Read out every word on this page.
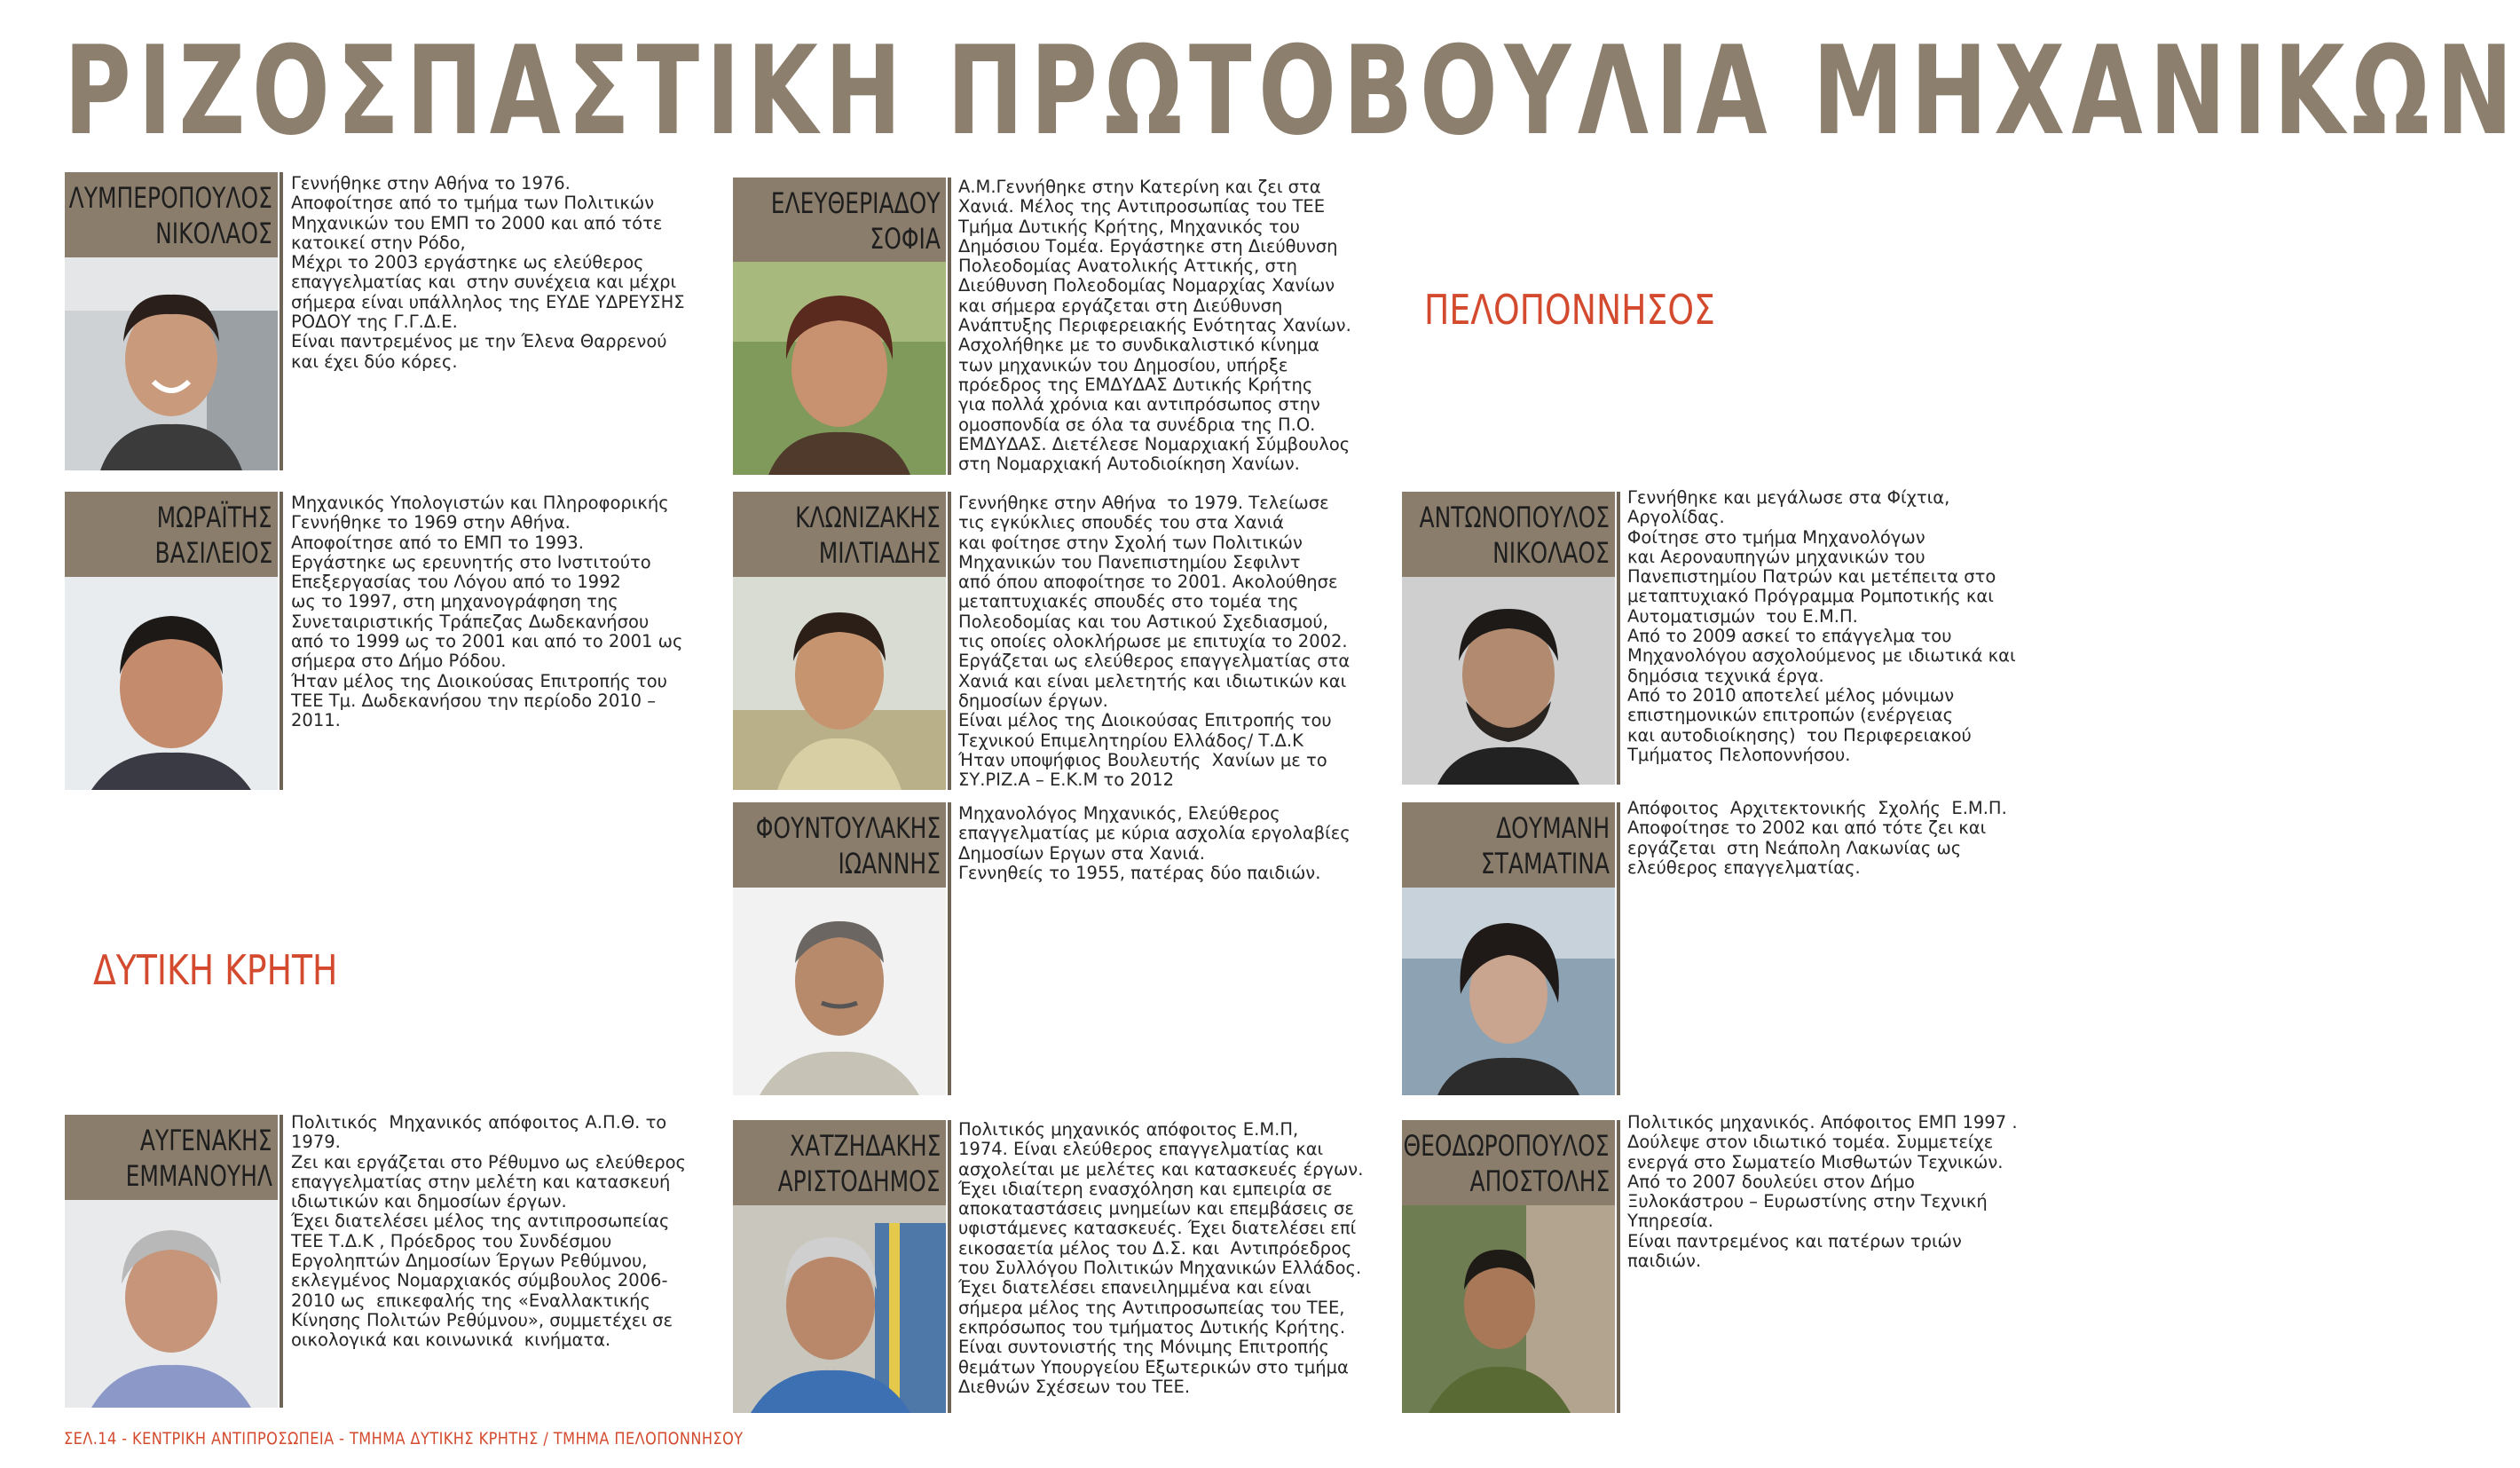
ΡΙΖΟΣΠΑΣΤΙΚΗ ΠΡΩΤΟΒΟΥΛΙΑ ΜΗΧΑΝΙΚΩΝ
ΠΕΛΟΠΟΝΝΗΣΟΣ
ΔΥΤΙΚΗ ΚΡΗΤΗ
ΛΥΜΠΕΡΟΠΟΥΛΟΣ
ΝΙΚΟΛΑΟΣ
Γεννήθηκε στην Αθήνα το 1976.
Αποφοίτησε από το τμήμα των Πολιτικών
Μηχανικών του ΕΜΠ το 2000 και από τότε
κατοικεί στην Ρόδο,
Μέχρι το 2003 εργάστηκε ως ελεύθερος
επαγγελματίας και  στην συνέχεια και μέχρι
σήμερα είναι υπάλληλος της ΕΥΔΕ ΥΔΡΕΥΣΗΣ
ΡΟΔΟΥ της Γ.Γ.Δ.Ε.
Είναι παντρεμένος με την Έλενα Θαρρενού
και έχει δύο κόρες.
ΕΛΕΥΘΕΡΙΑΔΟΥ
ΣΟΦΙΑ
Α.Μ.Γεννήθηκε στην Κατερίνη και ζει στα
Χανιά. Μέλος της Αντιπροσωπίας του ΤΕΕ
Τμήμα Δυτικής Κρήτης, Μηχανικός του
Δημόσιου Τομέα. Εργάστηκε στη Διεύθυνση
Πολεοδομίας Ανατολικής Αττικής, στη
Διεύθυνση Πολεοδομίας Νομαρχίας Χανίων
και σήμερα εργάζεται στη Διεύθυνση
Ανάπτυξης Περιφερειακής Ενότητας Χανίων.
Ασχολήθηκε με το συνδικαλιστικό κίνημα
των μηχανικών του Δημοσίου, υπήρξε
πρόεδρος της ΕΜΔΥΔΑΣ Δυτικής Κρήτης
για πολλά χρόνια και αντιπρόσωπος στην
ομοσπονδία σε όλα τα συνέδρια της Π.Ο.
ΕΜΔΥΔΑΣ. Διετέλεσε Νομαρχιακή Σύμβουλος
στη Νομαρχιακή Αυτοδιοίκηση Χανίων.
ΜΩΡΑΪΤΗΣ
ΒΑΣΙΛΕΙΟΣ
Μηχανικός Υπολογιστών και Πληροφορικής
Γεννήθηκε το 1969 στην Αθήνα.
Αποφοίτησε από το ΕΜΠ το 1993.
Εργάστηκε ως ερευνητής στο Ινστιτούτο
Επεξεργασίας του Λόγου από το 1992
ως το 1997, στη μηχανογράφηση της
Συνεταιριστικής Τράπεζας Δωδεκανήσου
από το 1999 ως το 2001 και από το 2001 ως
σήμερα στο Δήμο Ρόδου.
Ήταν μέλος της Διοικούσας Επιτροπής του
ΤΕΕ Τμ. Δωδεκανήσου την περίοδο 2010 –
2011.
ΚΛΩΝΙΖΑΚΗΣ
ΜΙΛΤΙΑΔΗΣ
Γεννήθηκε στην Αθήνα  το 1979. Τελείωσε
τις εγκύκλιες σπουδές του στα Χανιά
και φοίτησε στην Σχολή των Πολιτικών
Μηχανικών του Πανεπιστημίου Σεφιλντ
από όπου αποφοίτησε το 2001. Ακολούθησε
μεταπτυχιακές σπουδές στο τομέα της
Πολεοδομίας και του Αστικού Σχεδιασμού,
τις οποίες ολοκλήρωσε με επιτυχία το 2002.
Εργάζεται ως ελεύθερος επαγγελματίας στα
Χανιά και είναι μελετητής και ιδιωτικών και
δημοσίων έργων.
Είναι μέλος της Διοικούσας Επιτροπής του
Τεχνικού Επιμελητηρίου Ελλάδος/ Τ.Δ.Κ
Ήταν υποψήφιος Βουλευτής  Χανίων με το
ΣΥ.ΡΙΖ.Α – Ε.Κ.Μ το 2012
ΑΝΤΩΝΟΠΟΥΛΟΣ
ΝΙΚΟΛΑΟΣ
Γεννήθηκε και μεγάλωσε στα Φίχτια,
Αργολίδας.
Φοίτησε στο τμήμα Μηχανολόγων
και Αεροναυπηγών μηχανικών του
Πανεπιστημίου Πατρών και μετέπειτα στο
μεταπτυχιακό Πρόγραμμα Ρομποτικής και
Αυτοματισμών  του Ε.Μ.Π.
Από το 2009 ασκεί το επάγγελμα του
Μηχανολόγου ασχολούμενος με ιδιωτικά και
δημόσια τεχνικά έργα.
Από το 2010 αποτελεί μέλος μόνιμων
επιστημονικών επιτροπών (ενέργειας
και αυτοδιοίκησης)  του Περιφερειακού
Τμήματος Πελοποννήσου.
ΦΟΥΝΤΟΥΛΑΚΗΣ
ΙΩΑΝΝΗΣ
Μηχανολόγος Μηχανικός, Ελεύθερος
επαγγελματίας με κύρια ασχολία εργολαβίες
Δημοσίων Εργων στα Χανιά.
Γεννηθείς το 1955, πατέρας δύο παιδιών.
ΔΟΥΜΑΝΗ
ΣΤΑΜΑΤΙΝΑ
Απόφοιτος  Αρχιτεκτονικής  Σχολής  Ε.Μ.Π.
Αποφοίτησε το 2002 και από τότε ζει και
εργάζεται  στη Νεάπολη Λακωνίας ως
ελεύθερος επαγγελματίας.
ΑΥΓΕΝΑΚΗΣ
ΕΜΜΑΝΟΥΗΛ
Πολιτικός  Μηχανικός απόφοιτος Α.Π.Θ. το
1979.
Ζει και εργάζεται στο Ρέθυμνο ως ελεύθερος
επαγγελματίας στην μελέτη και κατασκευή
ιδιωτικών και δημοσίων έργων.
Έχει διατελέσει μέλος της αντιπροσωπείας
ΤΕΕ Τ.Δ.Κ , Πρόεδρος του Συνδέσμου
Εργοληπτών Δημοσίων Έργων Ρεθύμνου,
εκλεγμένος Νομαρχιακός σύμβουλος 2006-
2010 ως  επικεφαλής της «Εναλλακτικής
Κίνησης Πολιτών Ρεθύμνου», συμμετέχει σε
οικολογικά και κοινωνικά  κινήματα.
ΧΑΤΖΗΔΑΚΗΣ
ΑΡΙΣΤΟΔΗΜΟΣ
Πολιτικός μηχανικός απόφοιτος Ε.Μ.Π,
1974. Είναι ελεύθερος επαγγελματίας και
ασχολείται με μελέτες και κατασκευές έργων.
Έχει ιδιαίτερη ενασχόληση και εμπειρία σε
αποκαταστάσεις μνημείων και επεμβάσεις σε
υφιστάμενες κατασκευές. Έχει διατελέσει επί
εικοσαετία μέλος του Δ.Σ. και  Αντιπρόεδρος
του Συλλόγου Πολιτικών Μηχανικών Ελλάδος.
Έχει διατελέσει επανειλημμένα και είναι
σήμερα μέλος της Αντιπροσωπείας του ΤΕΕ,
εκπρόσωπος του τμήματος Δυτικής Κρήτης.
Είναι συντονιστής της Μόνιμης Επιτροπής
θεμάτων Υπουργείου Εξωτερικών στο τμήμα
Διεθνών Σχέσεων του ΤΕΕ.
ΘΕΟΔΩΡΟΠΟΥΛΟΣ
ΑΠΟΣΤΟΛΗΣ
Πολιτικός μηχανικός. Απόφοιτος ΕΜΠ 1997 .
Δούλεψε στον ιδιωτικό τομέα. Συμμετείχε
ενεργά στο Σωματείο Μισθωτών Τεχνικών.
Από το 2007 δουλεύει στον Δήμο
Ξυλοκάστρου – Ευρωστίνης στην Τεχνική
Υπηρεσία.
Είναι παντρεμένος και πατέρων τριών
παιδιών.
ΣΕΛ.14 - ΚΕΝΤΡΙΚΗ ΑΝΤΙΠΡΟΣΩΠΕΙΑ - ΤΜΗΜΑ ΔΥΤΙΚΗΣ ΚΡΗΤΗΣ / ΤΜΗΜΑ ΠΕΛΟΠΟΝΝΗΣΟΥ
